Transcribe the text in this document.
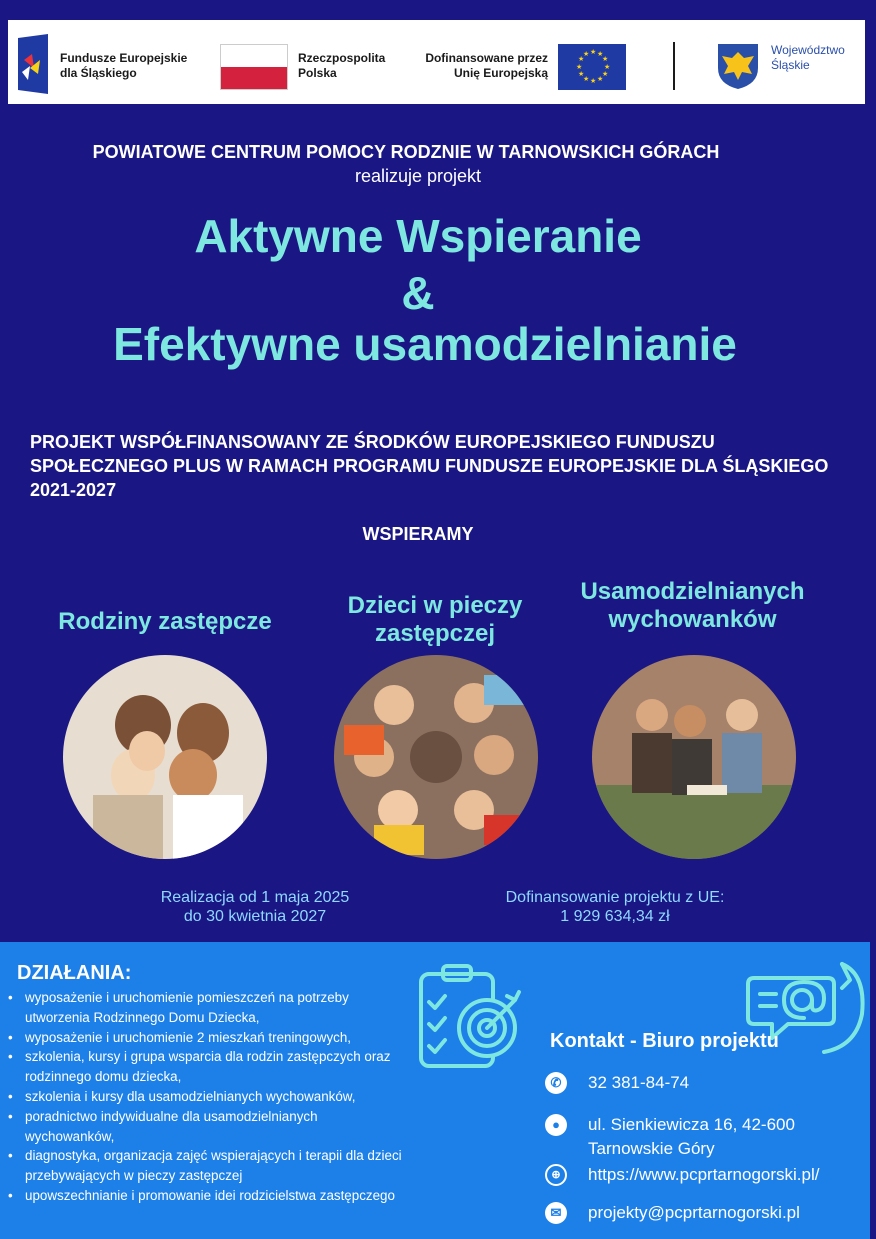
Fundusze Europejskie
dla Śląskiego
Rzeczpospolita
Polska
Dofinansowane przez
Unię Europejską
★ ★
★
★
★
★
★
★
★
★
★
★	Województwo
Śląskie
POWIATOWE CENTRUM POMOCY RODZNIE W TARNOWSKICH GÓRACH
realizuje projekt
Aktywne Wspieranie
&
Efektywne usamodzielnianie
PROJEKT WSPÓŁFINANSOWANY ZE ŚRODKÓW EUROPEJSKIEGO FUNDUSZU SPOŁECZNEGO PLUS W RAMACH PROGRAMU FUNDUSZE EUROPEJSKIE DLA ŚLĄSKIEGO 2021-2027
WSPIERAMY
Rodziny zastępcze
Dzieci w pieczy zastępczej
Usamodzielnianych wychowanków
Realizacja od 1 maja 2025
do 30 kwietnia 2027
Dofinansowanie projektu z UE:
1 929 634,34 zł
DZIAŁANIA:
• wyposażenie i uruchomienie pomieszczeń na potrzeby utworzenia Rodzinnego Domu Dziecka,
• wyposażenie i uruchomienie 2 mieszkań treningowych,
• szkolenia, kursy i grupa wsparcia dla rodzin zastępczych oraz rodzinnego domu dziecka,
• szkolenia i kursy dla usamodzielnianych wychowanków,
• poradnictwo indywidualne dla usamodzielnianych wychowanków,
• diagnostyka, organizacja zajęć wspierających i terapii dla dzieci przebywających w pieczy zastępczej
• upowszechnianie i promowanie idei rodzicielstwa zastępczego
Kontakt - Biuro projektu
✆	32 381-84-74
●	ul. Sienkiewicza 16, 42-600
Tarnowskie Góry
⊕	https://www.pcprtarnogorski.pl/
✉	projekty@pcprtarnogorski.pl
